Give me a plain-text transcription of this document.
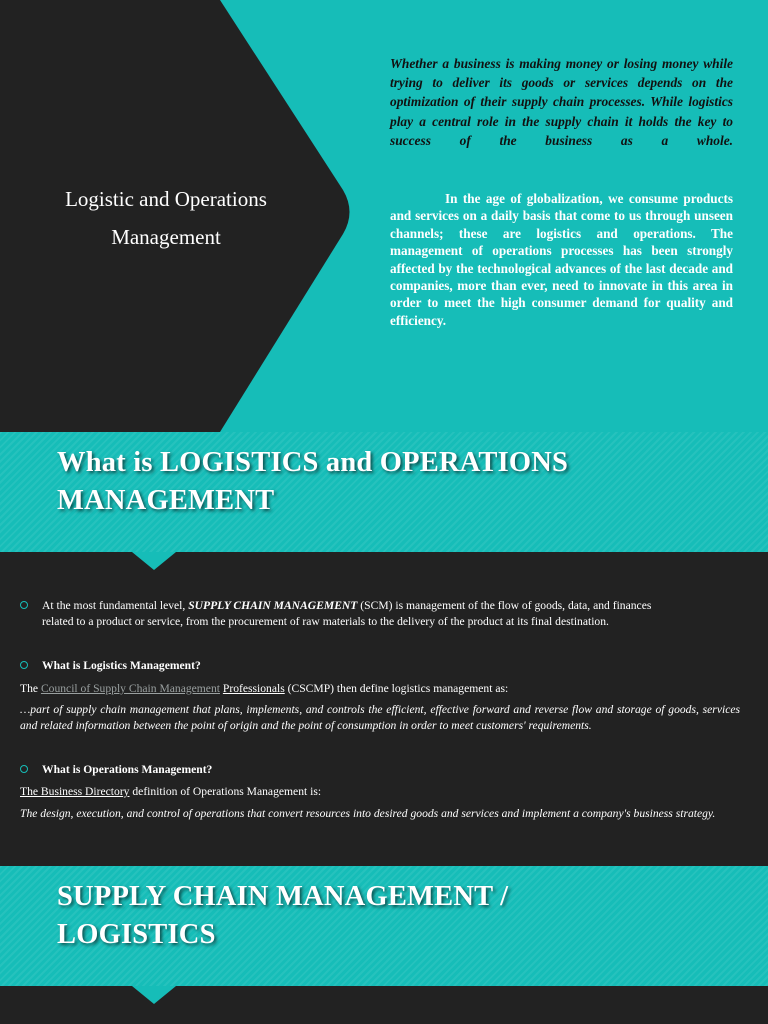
Logistic and Operations Management

Whether a business is making money or losing money while trying to deliver its goods or services depends on the optimization of their supply chain processes. While logistics play a central role in the supply chain it holds the key to success of the business as a whole.

In the age of globalization, we consume products and services on a daily basis that come to us through unseen channels; these are logistics and operations. The management of operations processes has been strongly affected by the technological advances of the last decade and companies, more than ever, need to innovate in this area in order to meet the high consumer demand for quality and efficiency.

What is LOGISTICS and OPERATIONS
MANAGEMENT
At the most fundamental level, SUPPLY CHAIN MANAGEMENT (SCM) is management of the flow of goods, data, and finances
related to a product or service, from the procurement of raw materials to the delivery of the product at its final destination.
What is Logistics Management?
The Council of Supply Chain Management Professionals (CSCMP) then define logistics management as:
…part of supply chain management that plans, implements, and controls the efficient, effective forward and reverse flow and storage of goods, services and related information between the point of origin and the point of consumption in order to meet customers' requirements.
What is Operations Management?
The Business Directory definition of Operations Management is:
The design, execution, and control of operations that convert resources into desired goods and services and implement a company's business strategy.
SUPPLY CHAIN MANAGEMENT /
LOGISTICS
